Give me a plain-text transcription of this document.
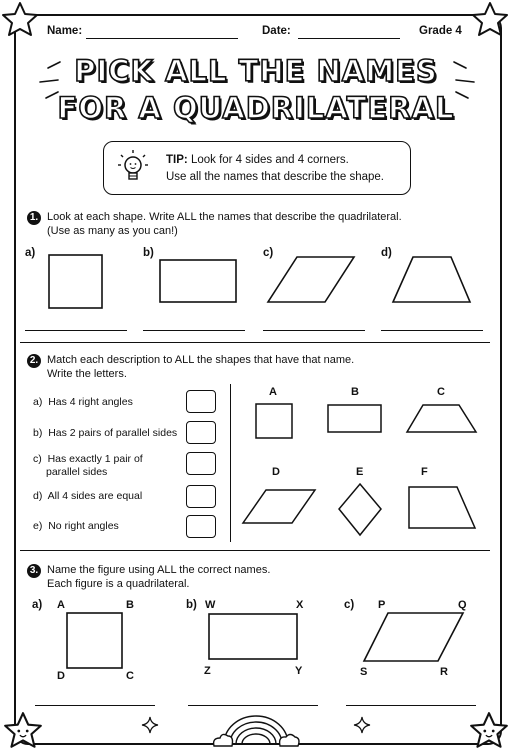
Name:	Date:	Grade 4
PICK ALL THE NAMES
FOR A QUADRILATERAL
TIP: Look for 4 sides and 4 corners.
Use all the names that describe the shape.
1. Look at each shape. Write ALL the names that describe the quadrilateral.
(Use as many as you can!)
a)	b)	c)	d)
2. Match each description to ALL the shapes that have that name.
Write the letters.
a) Has 4 right angles
b) Has 2 pairs of parallel sides
c) Has exactly 1 pair of
parallel sides
d) All 4 sides are equal
e) No right angles
A	B	C
D	E	F
3. Name the figure using ALL the correct names.
Each figure is a quadrilateral.
a) A	B
C
D
b) W	X
Y
Z
c) P	Q
R
S
